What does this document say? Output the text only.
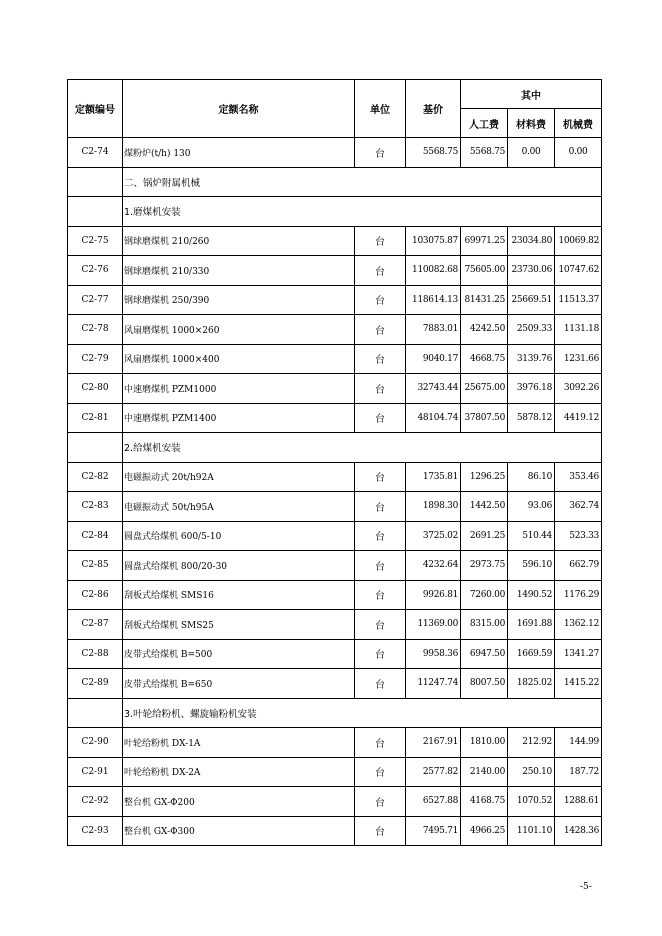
定额编号	定额名称	单位	基价	其中		
				人工费	材料费	机械费
C2-74	煤粉炉(t/h) 130	台	5568.75	5568.75	0.00	0.00
	二、锅炉附属机械					
	1.磨煤机安装					
C2-75	钢球磨煤机 210/260	台	103075.87	69971.25	23034.80	10069.82
C2-76	钢球磨煤机 210/330	台	110082.68	75605.00	23730.06	10747.62
C2-77	钢球磨煤机 250/390	台	118614.13	81431.25	25669.51	11513.37
C2-78	风扇磨煤机 1000×260	台	7883.01	4242.50	2509.33	1131.18
C2-79	风扇磨煤机 1000×400	台	9040.17	4668.75	3139.76	1231.66
C2-80	中速磨煤机 PZM1000	台	32743.44	25675.00	3976.18	3092.26
C2-81	中速磨煤机 PZM1400	台	48104.74	37807.50	5878.12	4419.12
	2.给煤机安装					
C2-82	电磁振动式 20t/h92A	台	1735.81	1296.25	86.10	353.46
C2-83	电磁振动式 50t/h95A	台	1898.30	1442.50	93.06	362.74
C2-84	圆盘式给煤机 600/5-10	台	3725.02	2691.25	510.44	523.33
C2-85	圆盘式给煤机 800/20-30	台	4232.64	2973.75	596.10	662.79
C2-86	刮板式给煤机 SMS16	台	9926.81	7260.00	1490.52	1176.29
C2-87	刮板式给煤机 SMS25	台	11369.00	8315.00	1691.88	1362.12
C2-88	皮带式给煤机 B=500	台	9958.36	6947.50	1669.59	1341.27
C2-89	皮带式给煤机 B=650	台	11247.74	8007.50	1825.02	1415.22
	3.叶轮给粉机、螺旋输粉机安装					
C2-90	叶轮给粉机 DX-1A	台	2167.91	1810.00	212.92	144.99
C2-91	叶轮给粉机 DX-2A	台	2577.82	2140.00	250.10	187.72
C2-92	整台机 GX-Φ200	台	6527.88	4168.75	1070.52	1288.61
C2-93	整台机 GX-Φ300	台	7495.71	4966.25	1101.10	1428.36
-5-
